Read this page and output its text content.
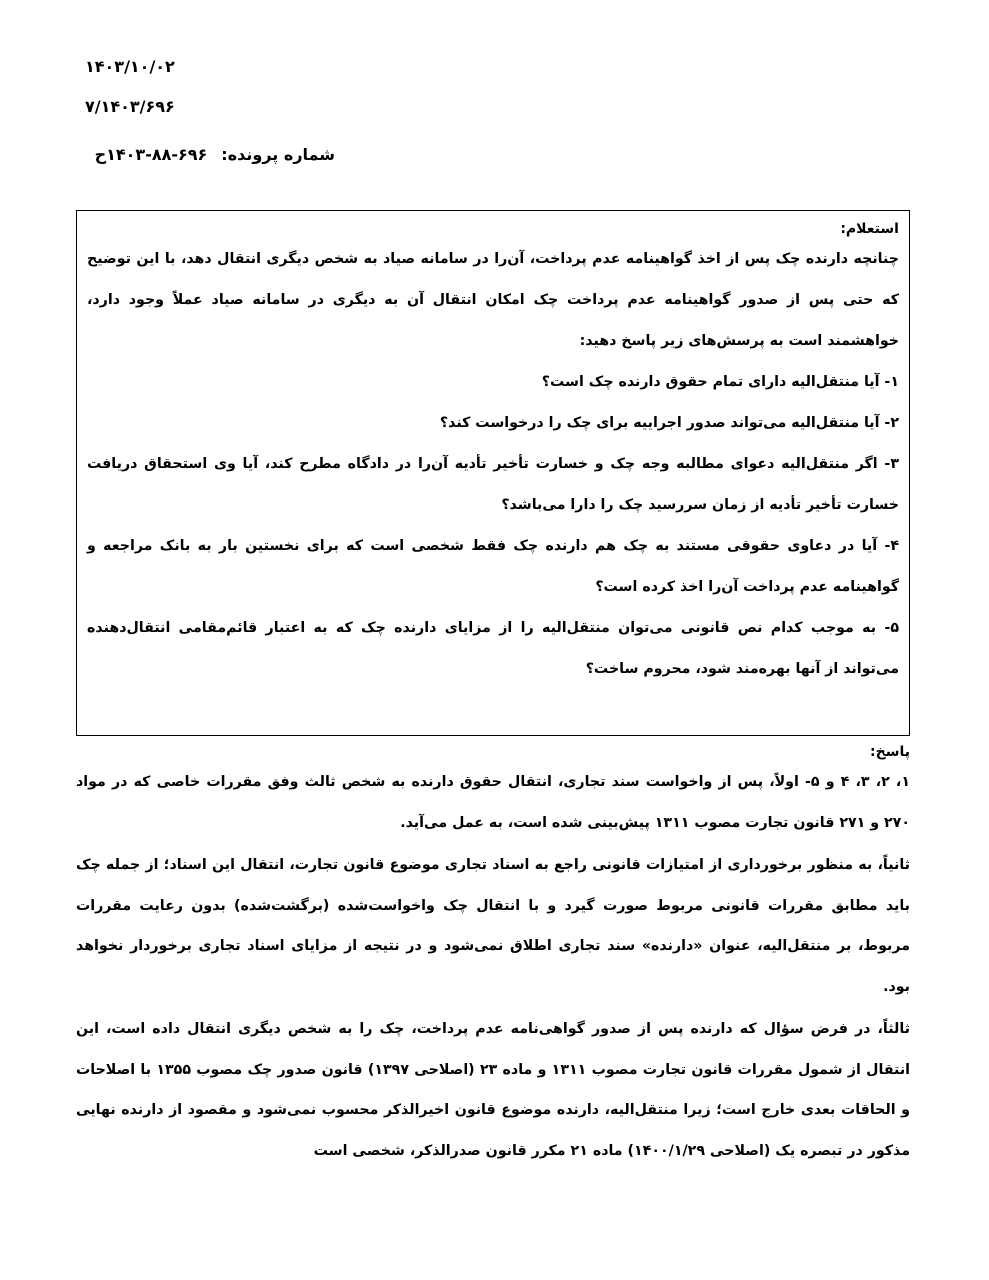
۱۴۰۳/۱۰/۰۲
۷/۱۴۰۳/۶۹۶
شماره پرونده:۶۹۶-۸۸-۱۴۰۳ح
استعلام:

چنانچه دارنده چک پس از اخذ گواهینامه عدم پرداخت، آن‌را در سامانه صیاد به شخص دیگری انتقال دهد، با این توضیح که حتی پس از صدور گواهینامه عدم پرداخت چک امکان انتقال آن به دیگری در سامانه صیاد عملاً وجود دارد، خواهشمند است به پرسش‌های زیر پاسخ دهید:

۱- آیا منتقل‌الیه دارای تمام حقوق دارنده چک است؟

۲- آیا منتقل‌الیه می‌تواند صدور اجراییه برای چک را درخواست کند؟

۳- اگر منتقل‌الیه دعوای مطالبه وجه چک و خسارت تأخیر تأدیه آن‌را در دادگاه مطرح کند، آیا وی استحقاق دریافت خسارت تأخیر تأدیه از زمان سررسید چک را دارا می‌باشد؟

۴- آیا در دعاوی حقوقی مستند به چک هم دارنده چک فقط شخصی است که برای نخستین بار به بانک مراجعه و گواهینامه عدم پرداخت آن‌را اخذ کرده است؟

۵- به موجب کدام نص قانونی می‌توان منتقل‌الیه را از مزایای دارنده چک که به اعتبار قائم‌مقامی انتقال‌دهنده می‌تواند از آنها بهره‌مند شود، محروم ساخت؟

پاسخ:

۱، ۲، ۳، ۴ و ۵- اولاً، پس از واخواست سند تجاری، انتقال حقوق دارنده به شخص ثالث وفق مقررات خاصی که در مواد ۲۷۰ و ۲۷۱ قانون تجارت مصوب ۱۳۱۱ پیش‌بینی شده است، به عمل می‌آید.

ثانیاً، به منظور برخورداری از امتیازات قانونی راجع به اسناد تجاری موضوع قانون تجارت، انتقال این اسناد؛ از جمله چک باید مطابق مقررات قانونی مربوط صورت گیرد و با انتقال چک واخواست‌شده (برگشت‌شده) بدون رعایت مقررات مربوط، بر منتقل‌الیه، عنوان «دارنده» سند تجاری اطلاق نمی‌شود و در نتیجه از مزایای اسناد تجاری برخوردار نخواهد بود.

ثالثاً، در فرض سؤال که دارنده پس از صدور گواهی‌نامه عدم پرداخت، چک را به شخص دیگری انتقال داده است، این انتقال از شمول مقررات قانون تجارت مصوب ۱۳۱۱ و ماده ۲۳ (اصلاحی ۱۳۹۷) قانون صدور چک مصوب ۱۳۵۵ با اصلاحات و الحاقات بعدی خارج است؛ زیرا منتقل‌الیه، دارنده موضوع قانون اخیرالذکر محسوب نمی‌شود و مقصود از دارنده نهایی مذکور در تبصره یک (اصلاحی ۱۴۰۰/۱/۲۹) ماده ۲۱ مکرر قانون صدرالذکر، شخصی است
